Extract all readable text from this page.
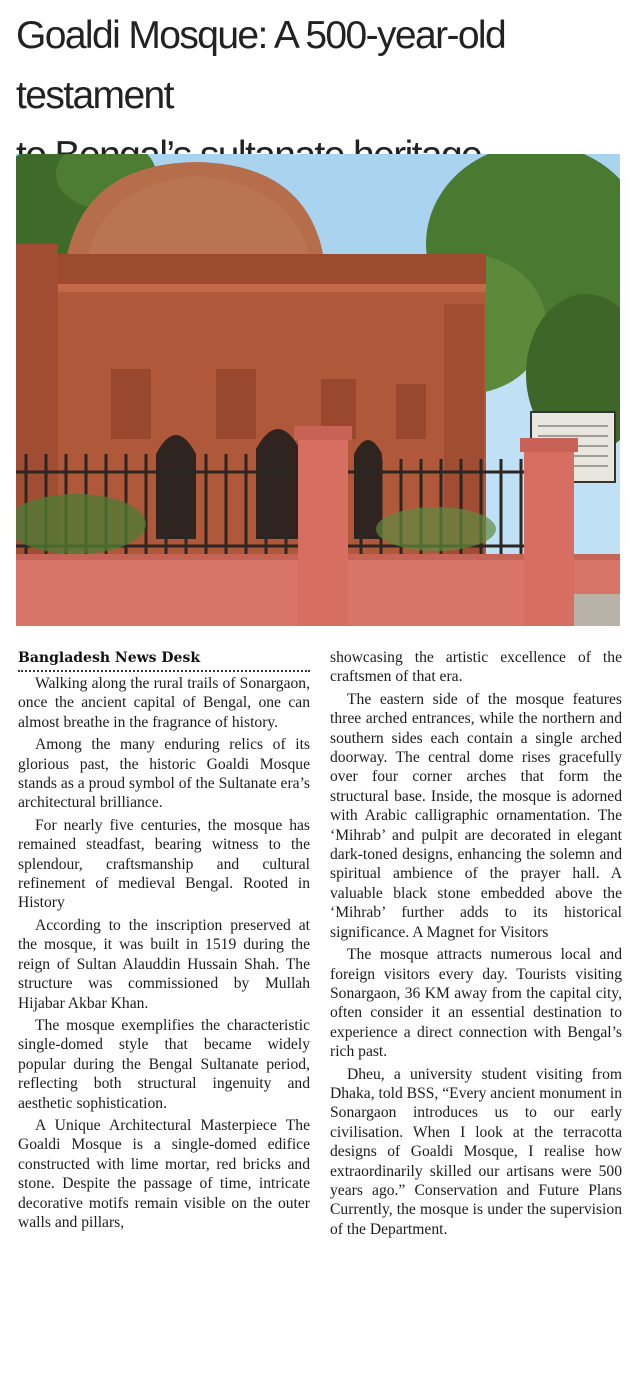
Goaldi Mosque: A 500-year-old testament

Bangladesh News Desk

Walking along the rural trails of Sonargaon, once the ancient capital of Bengal, one can almost breathe in the fragrance of history.

Among the many enduring relics of its glorious past, the historic Goaldi Mosque stands as a proud symbol of the Sultanate era’s architectural brilliance.

For nearly five centuries, the mosque has remained steadfast, bearing witness to the splendour, craftsmanship and cultural refinement of medieval Bengal. Rooted in History

According to the inscription preserved at the mosque, it was built in 1519 during the reign of Sultan Alauddin Hussain Shah. The structure was commissioned by Mullah Hijabar Akbar Khan.

The mosque exemplifies the characteristic single-domed style that became widely popular during the Bengal Sultanate period, reflecting both structural ingenuity and aesthetic sophistication.

A Unique Architectural Masterpiece The Goaldi Mosque is a single-domed edifice constructed with lime mortar, red bricks and stone. Despite the passage of time, intricate decorative motifs remain visible on the outer walls and pillars,

showcasing the artistic excellence of the craftsmen of that era.

The eastern side of the mosque features three arched entrances, while the northern and southern sides each contain a single arched doorway. The central dome rises gracefully over four corner arches that form the structural base. Inside, the mosque is adorned with Arabic calligraphic ornamentation. The ‘Mihrab’ and pulpit are decorated in elegant dark-toned designs, enhancing the solemn and spiritual ambience of the prayer hall. A valuable black stone embedded above the ‘Mihrab’ further adds to its historical significance. A Magnet for Visitors

The mosque attracts numerous local and foreign visitors every day. Tourists visiting Sonargaon, 36 KM away from the capital city, often consider it an essential destination to experience a direct connection with Bengal’s rich past.

Dheu, a university student visiting from Dhaka, told BSS, “Every ancient monument in Sonargaon introduces us to our early civilisation. When I look at the terracotta designs of Goaldi Mosque, I realise how extraordinarily skilled our artisans were 500 years ago.” Conservation and Future Plans Currently, the mosque is under the supervision of the Department.
